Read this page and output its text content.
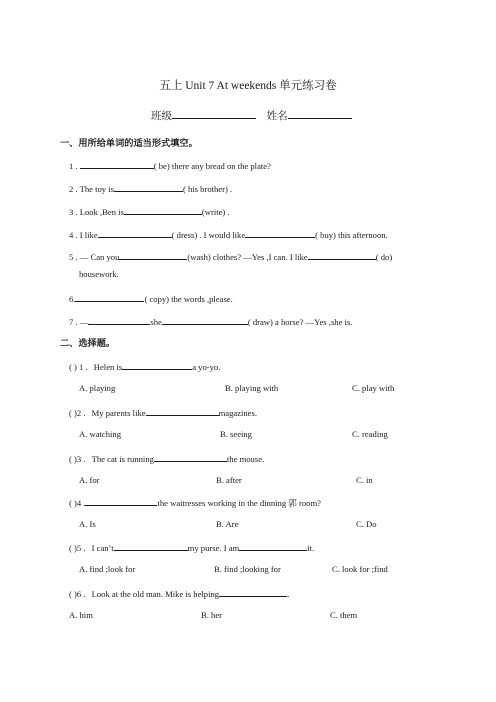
五上 Unit 7 At weekends 单元练习卷
班级	姓名
一、用所给单词的适当形式填空。
1 .	( be) there any bread on the plate?
2 . The toy is	( his brother) .
3 . Look ,Ben is	(write) .
4 . I like	( dress) . I would like	( buy) this afternoon.
5 . — Can you	(wash) clothes? —Yes ,I can. I like	( do)
housework.
6.	( copy) the words ,please.
7 . —	she	( draw) a horse? —Yes ,she is.
二、选择题。
( ) 1 . Helen is	a yo-yo.
A. playing	B. playing with	C. play with
( )2 . My parents like	magazines.
A. watching	B. seeing	C. reading
( )3 . The cat is running	the mouse.
A. for	B. after	C. in
( )4 .	the waitresses working in the dinning 郭 room?
A. Is	B. Are	C. Do
( )5 . I can’t	my purse. I am	it.
A. find ;look for	B. find ;looking for	C. look for ;find
( )6 . Look at the old man. Mike is helping	.
A. him	B. her	C. them
